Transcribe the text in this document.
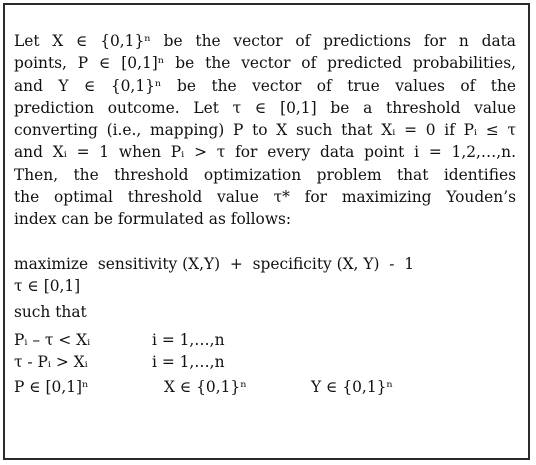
Let X ∈ {0,1}ⁿ be the vector of predictions for n data

points, P ∈ [0,1]ⁿ be the vector of predicted probabilities,

and Y ∈ {0,1}ⁿ be the vector of true values of the

prediction outcome. Let τ ∈ [0,1] be a threshold value

converting (i.e., mapping) P to X such that Xᵢ = 0 if Pᵢ ≤ τ

and Xᵢ = 1 when Pᵢ > τ for every data point i = 1,2,…,n.

Then, the threshold optimization problem that identifies

the optimal threshold value τ* for maximizing Youden’s

index can be formulated as follows:

maximize  sensitivity (X,Y)  +  specificity (X, Y)  -  1

τ ∈ [0,1]

such that

Pᵢ – τ < Xᵢ	i = 1,…,n
τ - Pᵢ > Xᵢ	i = 1,…,n
P ∈ [0,1]ⁿ	X ∈ {0,1}ⁿ	Y ∈ {0,1}ⁿ
